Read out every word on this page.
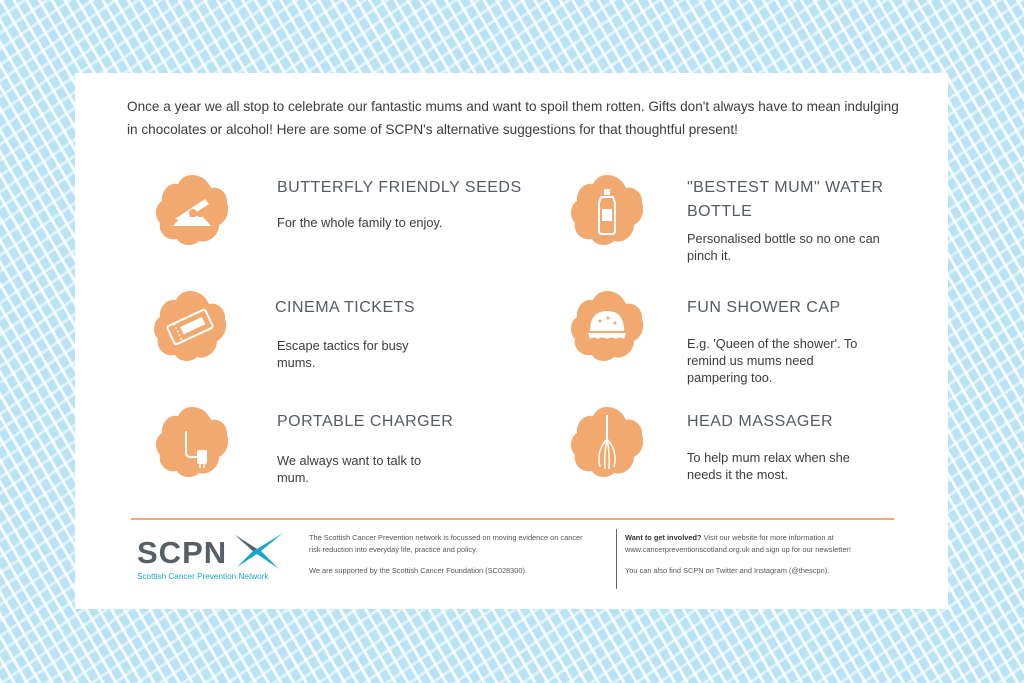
Once a year we all stop to celebrate our fantastic mums and want to spoil them rotten. Gifts don't always have to mean indulging in chocolates or alcohol! Here are some of SCPN's alternative suggestions for that thoughtful present!

BUTTERFLY FRIENDLY SEEDS

For the whole family to enjoy.

CINEMA TICKETS

Escape tactics for busy mums.

PORTABLE CHARGER

We always want to talk to mum.

"BESTEST MUM" WATER BOTTLE

Personalised bottle so no one can pinch it.

FUN SHOWER CAP

E.g. 'Queen of the shower'. To remind us mums need pampering too.

HEAD MASSAGER

To help mum relax when she needs it the most.

SCPN
Scottish Cancer Prevention Network

The Scottish Cancer Prevention network is focussed on moving evidence on cancer risk reduction into everyday life, practice and policy.

We are supported by the Scottish Cancer Foundation (SC028300).

Want to get involved? Visit our website for more information at www.cancerpreventionscotland.org.uk and sign up for our newsletter!

You can also find SCPN on Twitter and Instagram (@thescpn).
